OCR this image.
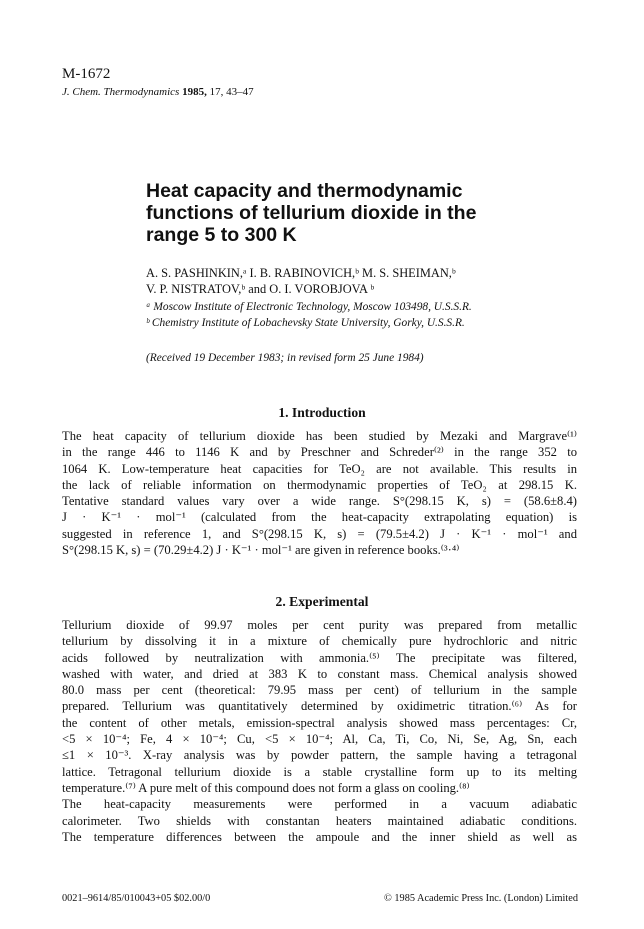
M-1672
J. Chem. Thermodynamics 1985, 17, 43–47
Heat capacity and thermodynamic
functions of tellurium dioxide in the
range 5 to 300 K
A. S. PASHINKIN,ᵃ I. B. RABINOVICH,ᵇ M. S. SHEIMAN,ᵇ
V. P. NISTRATOV,ᵇ and O. I. VOROBJOVA ᵇ
ᵃ Moscow Institute of Electronic Technology, Moscow 103498, U.S.S.R.
ᵇ Chemistry Institute of Lobachevsky State University, Gorky, U.S.S.R.
(Received 19 December 1983; in revised form 25 June 1984)
1. Introduction

The heat capacity of tellurium dioxide has been studied by Mezaki and Margrave⁽¹⁾

in the range 446 to 1146 K and by Preschner and Schreder⁽²⁾ in the range 352 to

1064 K. Low-temperature heat capacities for TeO₂ are not available. This results in

the lack of reliable information on thermodynamic properties of TeO₂ at 298.15 K.

Tentative standard values vary over a wide range. S°(298.15 K, s) = (58.6±8.4)

J · K⁻¹ · mol⁻¹ (calculated from the heat-capacity extrapolating equation) is

suggested in reference 1, and S°(298.15 K, s) = (79.5±4.2) J · K⁻¹ · mol⁻¹ and

S°(298.15 K, s) = (70.29±4.2) J · K⁻¹ · mol⁻¹ are given in reference books.⁽³·⁴⁾

2. Experimental

Tellurium dioxide of 99.97 moles per cent purity was prepared from metallic

tellurium by dissolving it in a mixture of chemically pure hydrochloric and nitric

acids followed by neutralization with ammonia.⁽⁵⁾ The precipitate was filtered,

washed with water, and dried at 383 K to constant mass. Chemical analysis showed

80.0 mass per cent (theoretical: 79.95 mass per cent) of tellurium in the sample

prepared. Tellurium was quantitatively determined by oxidimetric titration.⁽⁶⁾ As for

the content of other metals, emission-spectral analysis showed mass percentages: Cr,

<5 × 10⁻⁴; Fe, 4 × 10⁻⁴; Cu, <5 × 10⁻⁴; Al, Ca, Ti, Co, Ni, Se, Ag, Sn, each

≤1 × 10⁻³. X-ray analysis was by powder pattern, the sample having a tetragonal

lattice. Tetragonal tellurium dioxide is a stable crystalline form up to its melting

temperature.⁽⁷⁾ A pure melt of this compound does not form a glass on cooling.⁽⁸⁾

The heat-capacity measurements were performed in a vacuum adiabatic

calorimeter. Two shields with constantan heaters maintained adiabatic conditions.

The temperature differences between the ampoule and the inner shield as well as

0021–9614/85/010043+05 $02.00/0	© 1985 Academic Press Inc. (London) Limited
